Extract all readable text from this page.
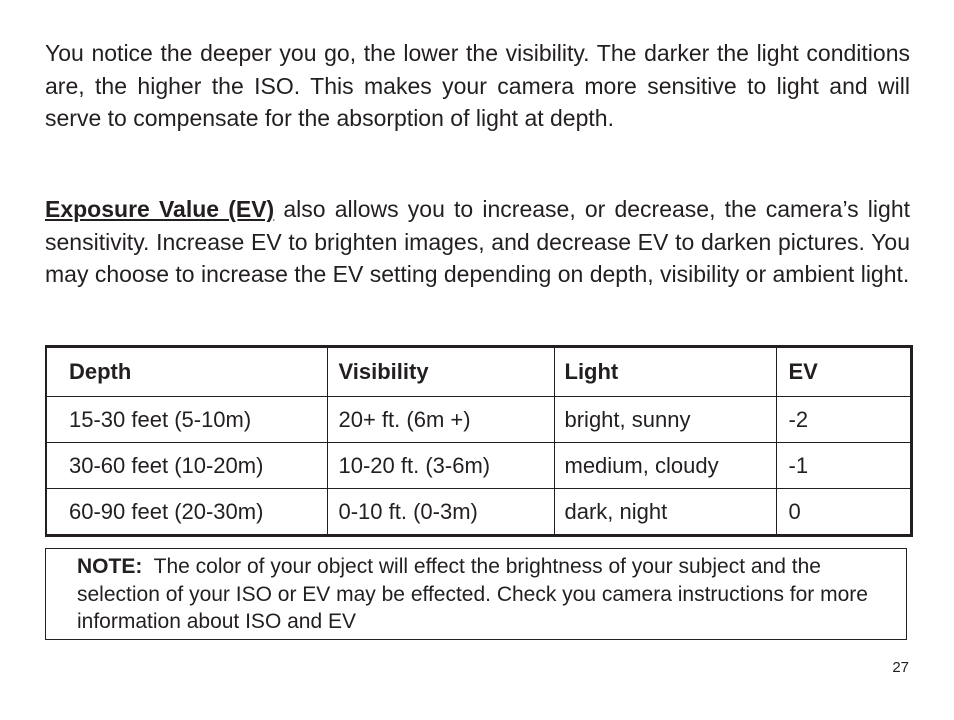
You notice the deeper you go, the lower the visibility. The darker the light conditions are, the higher the ISO. This makes your camera more sensitive to light and will serve to compensate for the absorption of light at depth.

Exposure Value (EV) also allows you to increase, or decrease, the camera’s light sensitivity. Increase EV to brighten images, and decrease EV to darken pictures. You may choose to increase the EV setting depending on depth, visibility or ambient light.

Depth	Visibility	Light	EV
15-30 feet (5-10m)	20+ ft. (6m +)	bright, sunny	-2
30-60 feet (10-20m)	10-20 ft. (3-6m)	medium, cloudy	-1
60-90 feet (20-30m)	0-10 ft. (0-3m)	dark, night	0
NOTE:  The color of your object will effect the brightness of your subject and the selection of your ISO or EV may be effected. Check you camera instructions for more information about ISO and EV
27
